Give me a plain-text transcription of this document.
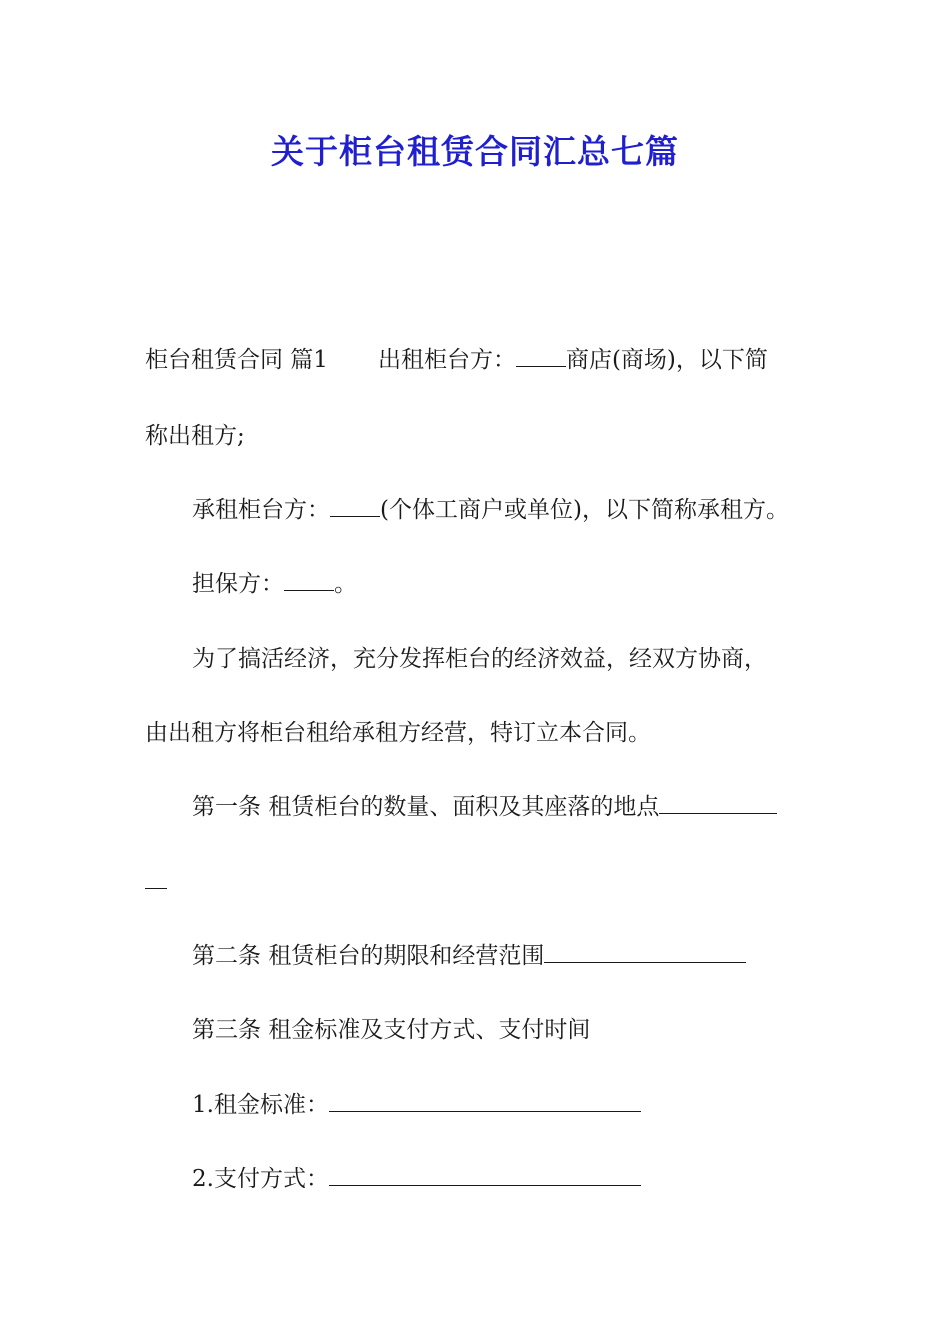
关于柜台租赁合同汇总七篇

柜台租赁合同 篇1 出租柜台方： 商店(商场)，以下简

称出租方;

承租柜台方： (个体工商户或单位)，以下简称承租方。

担保方： 。

为了搞活经济，充分发挥柜台的经济效益，经双方协商，

由出租方将柜台租给承租方经营，特订立本合同。

第一条 租赁柜台的数量、面积及其座落的地点

第二条 租赁柜台的期限和经营范围

第三条 租金标准及支付方式、支付时间

1.租金标准：

2.支付方式：
